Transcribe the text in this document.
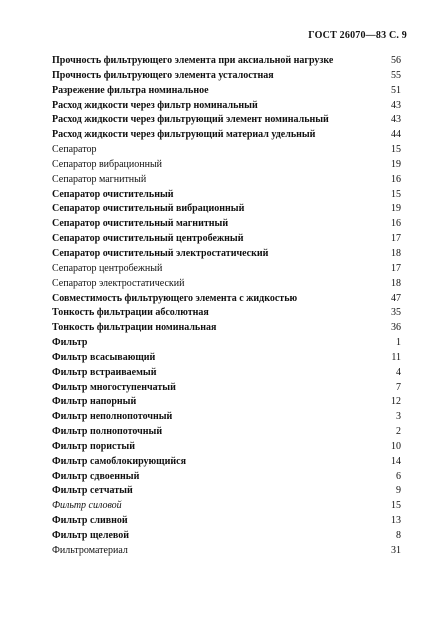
ГОСТ 26070—83 С. 9
Прочность фильтрующего элемента при аксиальной нагрузке	56
Прочность фильтрующего элемента усталостная	55
Разрежение фильтра номинальное	51
Расход жидкости через фильтр номинальный	43
Расход жидкости через фильтрующий элемент номинальный	43
Расход жидкости через фильтрующий материал удельный	44
Сепаратор	15
Сепаратор вибрационный	19
Сепаратор магнитный	16
Сепаратор очистительный	15
Сепаратор очистительный вибрационный	19
Сепаратор очистительный магнитный	16
Сепаратор очистительный центробежный	17
Сепаратор очистительный электростатический	18
Сепаратор центробежный	17
Сепаратор электростатический	18
Совместимость фильтрующего элемента с жидкостью	47
Тонкость фильтрации абсолютная	35
Тонкость фильтрации номинальная	36
Фильтр	1
Фильтр всасывающий	11
Фильтр встраиваемый	4
Фильтр многоступенчатый	7
Фильтр напорный	12
Фильтр неполнопоточный	3
Фильтр полнопоточный	2
Фильтр пористый	10
Фильтр самоблокирующийся	14
Фильтр сдвоенный	6
Фильтр сетчатый	9
Фильтр силовой	15
Фильтр сливной	13
Фильтр щелевой	8
Фильтроматериал	31
